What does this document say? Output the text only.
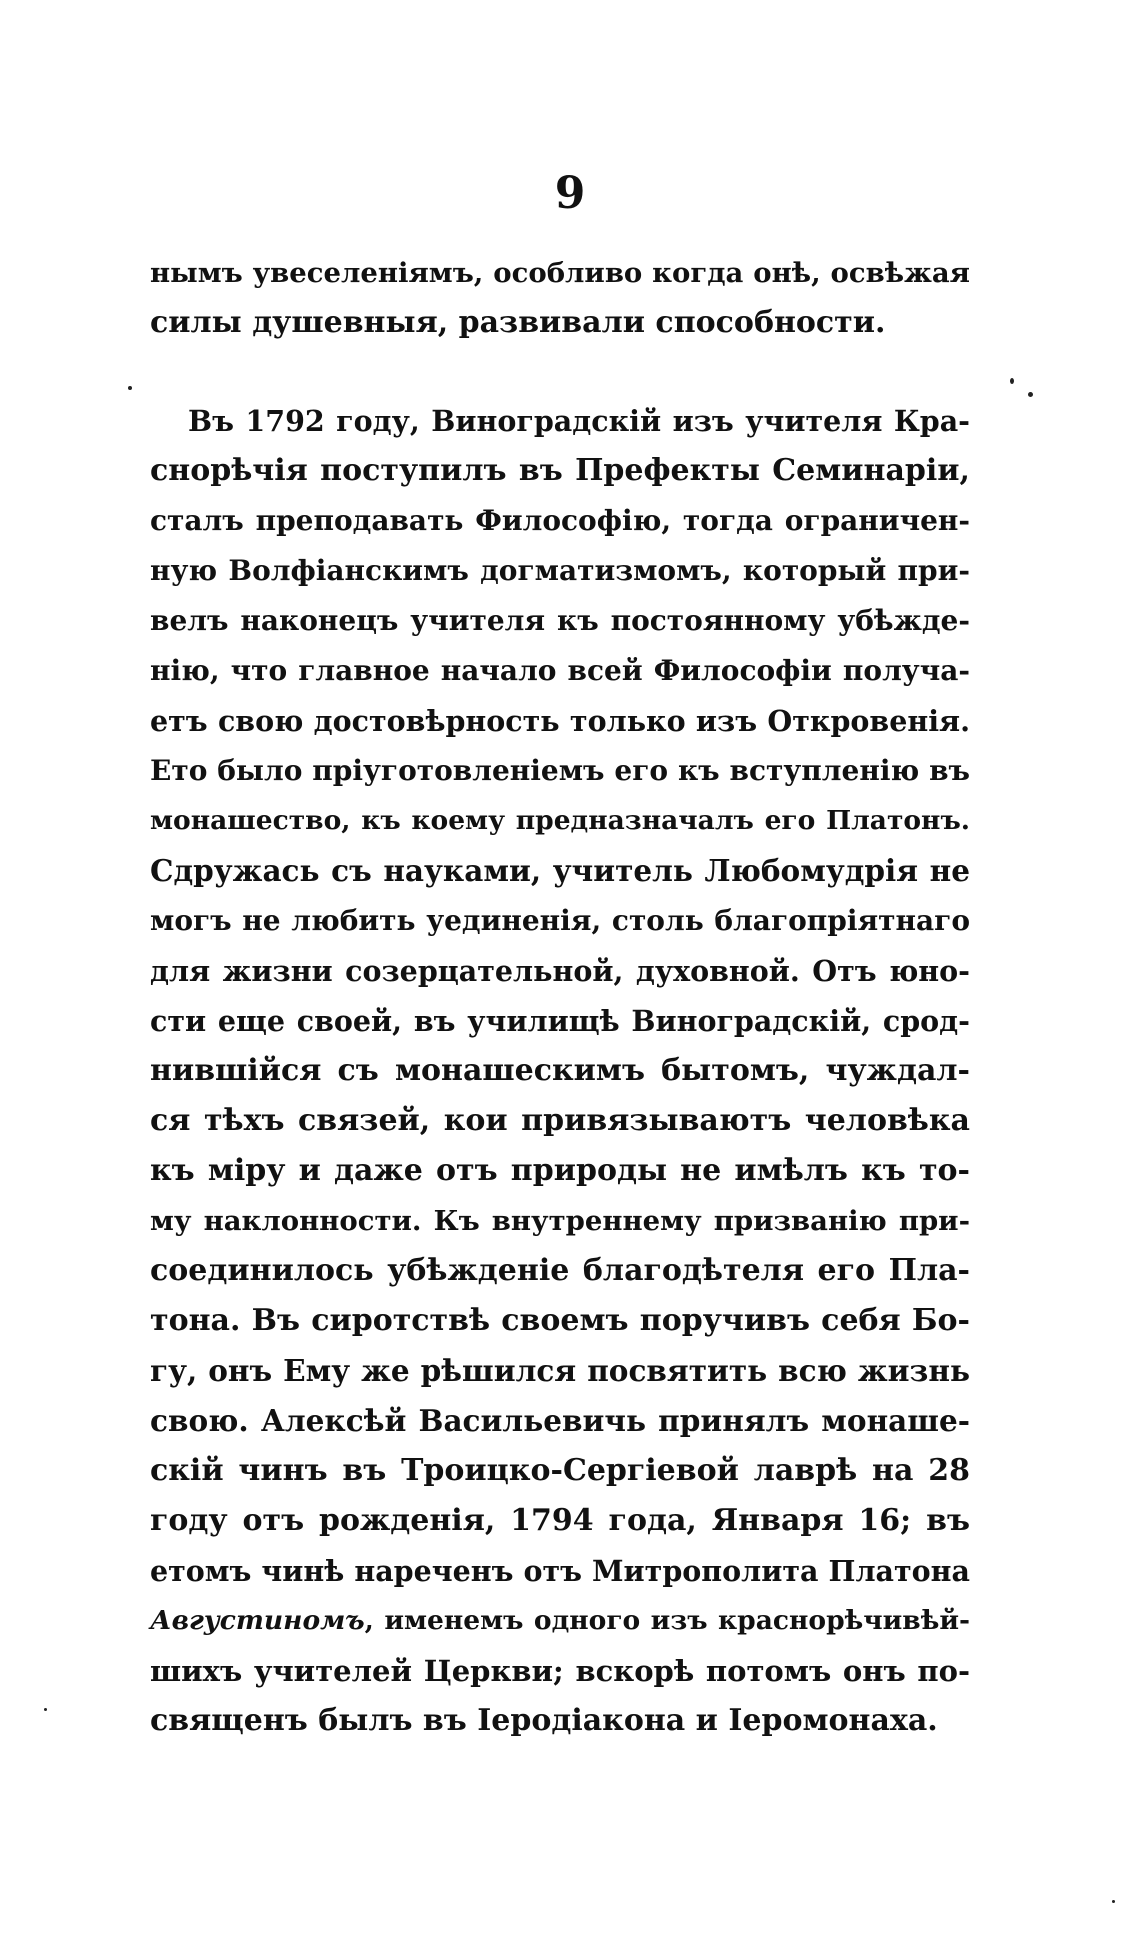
9
нымъ увеселеніямъ, особливо когда онѣ, освѣжая
силы душевныя, развивали способности.
Въ 1792 году, Виноградскій изъ учителя Кра-
снорѣчія поступилъ въ Префекты Семинаріи,
сталъ преподавать Философію, тогда ограничен-
ную Волфіанскимъ догматизмомъ, который при-
велъ наконецъ учителя къ постоянному убѣжде-
нію, что главное начало всей Философіи получа-
етъ свою достовѣрность только изъ Откровенія.
Ето было пріуготовленіемъ его къ вступленію въ
монашество, къ коему предназначалъ его Платонъ.
Сдружась съ науками, учитель Любомудрія не
могъ не любить уединенія, столь благопріятнаго
для жизни созерцательной, духовной. Отъ юно-
сти еще своей, въ училищѣ Виноградскій, срод-
нившійся съ монашескимъ бытомъ, чуждал-
ся тѣхъ связей, кои привязываютъ человѣка
къ міру и даже отъ природы не имѣлъ къ то-
му наклонности. Къ внутреннему призванію при-
соединилось убѣжденіе благодѣтеля его Пла-
тона. Въ сиротствѣ своемъ поручивъ себя Бо-
гу, онъ Ему же рѣшился посвятить всю жизнь
свою. Алексѣй Васильевичь принялъ монаше-
скій чинъ въ Троицко-Сергіевой лаврѣ на 28
году отъ рожденія, 1794 года, Января 16; въ
етомъ чинѣ нареченъ отъ Митрополита Платона
Августиномъ, именемъ одного изъ краснорѣчивѣй-
шихъ учителей Церкви; вскорѣ потомъ онъ по-
священъ былъ въ Іеродіакона и Іеромонаха.
